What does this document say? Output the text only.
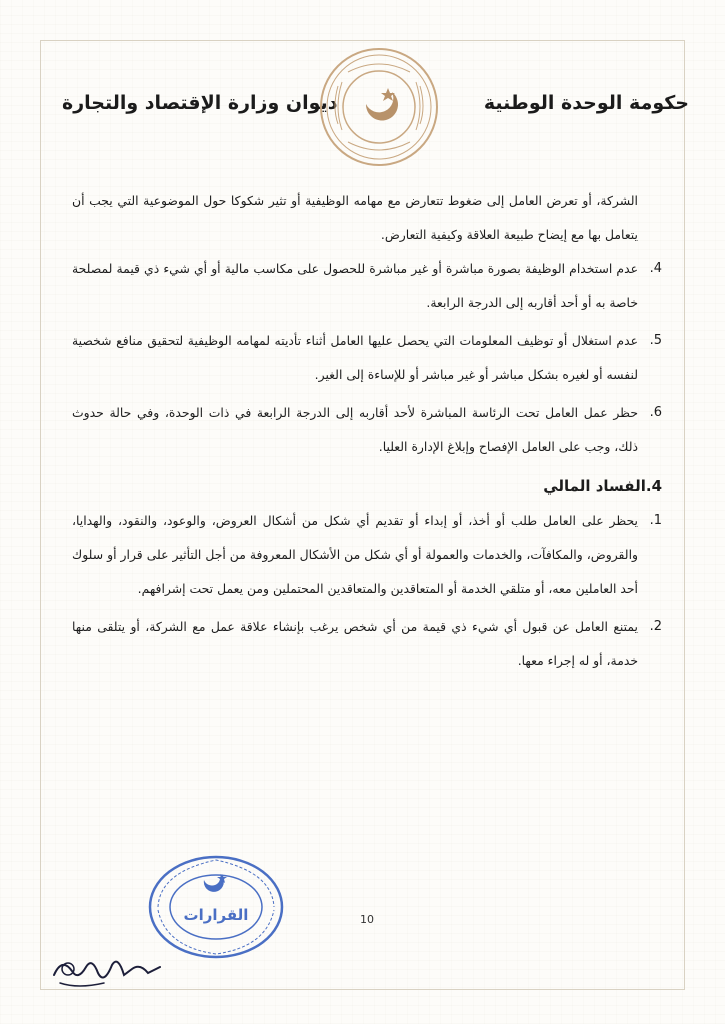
حكومة الوحدة الوطنية
ديوان وزارة الإقتصاد والتجارة

الشركة، أو تعرض العامل إلى ضغوط تتعارض مع مهامه الوظيفية أو تثير شكوكا حول الموضوعية التي يجب أن يتعامل بها مع إيضاح طبيعة العلاقة وكيفية التعارض.

4.

عدم استخدام الوظيفة بصورة مباشرة أو غير مباشرة للحصول على مكاسب مالية أو أي شيء ذي قيمة لمصلحة خاصة به أو أحد أقاربه إلى الدرجة الرابعة.

5.

عدم استغلال أو توظيف المعلومات التي يحصل عليها العامل أثناء تأديته لمهامه الوظيفية لتحقيق منافع شخصية لنفسه أو لغيره بشكل مباشر أو غير مباشر أو للإساءة إلى الغير.

6.

حظر عمل العامل تحت الرئاسة المباشرة لأحد أقاربه إلى الدرجة الرابعة في ذات الوحدة، وفي حالة حدوث ذلك، وجب على العامل الإفصاح وإبلاغ الإدارة العليا.

4.الفساد المالي

1.

يحظر على العامل طلب أو أخذ، أو إبداء أو تقديم أي شكل من أشكال العروض، والوعود، والنقود، والهدايا، والقروض، والمكافآت، والخدمات والعمولة أو أي شكل من الأشكال المعروفة من أجل التأثير على قرار أو سلوك أحد العاملين معه، أو متلقي الخدمة أو المتعاقدين والمتعاقدين المحتملين ومن يعمل تحت إشرافهم.

2.

يمتنع العامل عن قبول أي شيء ذي قيمة من أي شخص يرغب بإنشاء علاقة عمل مع الشركة، أو يتلقى منها خدمة، أو له إجراء معها.

10
القرارات
